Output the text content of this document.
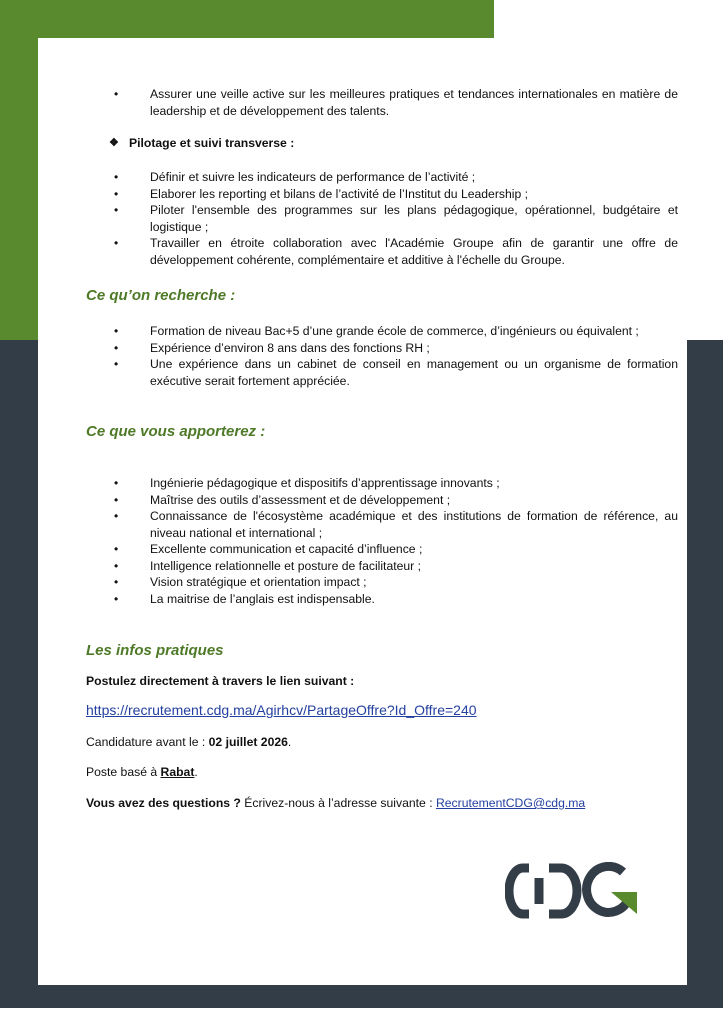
• Assurer une veille active sur les meilleures pratiques et tendances internationales en matière de leadership et de développement des talents.
❖ Pilotage et suivi transverse :
• Définir et suivre les indicateurs de performance de l’activité ;
• Elaborer les reporting et bilans de l’activité de l’Institut du Leadership ;
• Piloter l'ensemble des programmes sur les plans pédagogique, opérationnel, budgétaire et logistique ;
• Travailler en étroite collaboration avec l'Académie Groupe afin de garantir une offre de développement cohérente, complémentaire et additive à l'échelle du Groupe.
Ce qu’on recherche :
• Formation de niveau Bac+5 d’une grande école de commerce, d’ingénieurs ou équivalent ;
• Expérience d’environ 8 ans dans des fonctions RH ;
• Une expérience dans un cabinet de conseil en management ou un organisme de formation exécutive serait fortement appréciée.
Ce que vous apporterez :
• Ingénierie pédagogique et dispositifs d’apprentissage innovants ;
• Maîtrise des outils d’assessment et de développement ;
• Connaissance de l'écosystème académique et des institutions de formation de référence, au niveau national et international ;
• Excellente communication et capacité d’influence ;
• Intelligence relationnelle et posture de facilitateur ;
• Vision stratégique et orientation impact ;
• La maitrise de l’anglais est indispensable.
Les infos pratiques
Postulez directement à travers le lien suivant :
https://recrutement.cdg.ma/Agirhcv/PartageOffre?Id_Offre=240
Candidature avant le : 02 juillet 2026.
Poste basé à Rabat.
Vous avez des questions ? Écrivez-nous à l’adresse suivante : RecrutementCDG@cdg.ma
CDG
